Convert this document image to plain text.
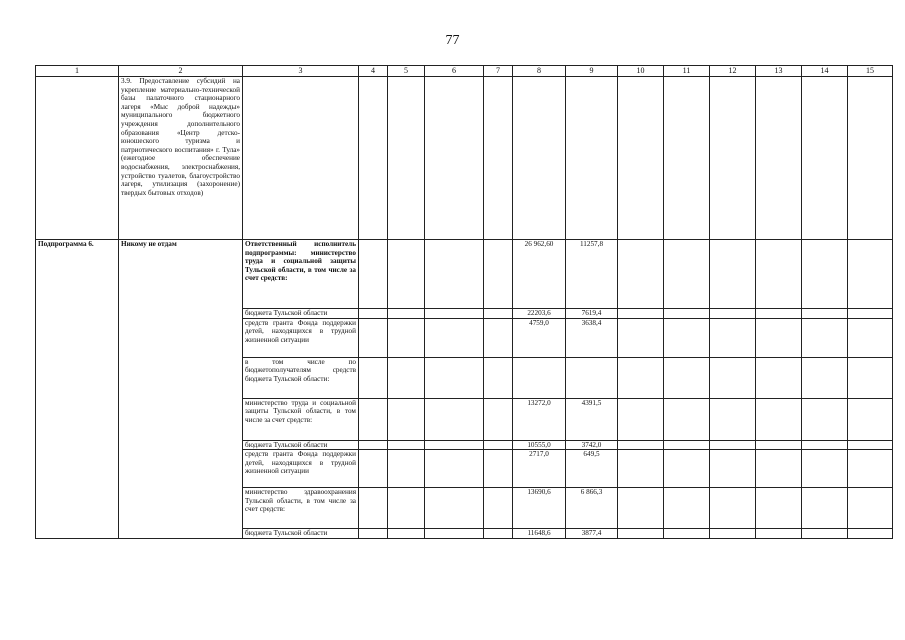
77
1	2	3	4	5	6	7	8	9	10	11	12	13	14	15
	3.9. Предоставление субсидий на укрепление материально-технической базы палаточного стационарного лагеря «Мыс доброй надежды» муниципального бюджетного учреждения дополнительного образования «Центр детско-юношеского туризма и патриотического воспитания» г. Тула» (ежегодное обеспечение водоснабжения, электроснабжения, устройство туалетов, благоустройство лагеря, утилизация (захоронение) твердых бытовых отходов)													
Подпрограмма 6.	Никому не отдам	Ответственный исполнитель подпрограммы: министерство труда и социальной защиты Тульской области, в том числе за счет средств:					26 962,60	11257,8						
		бюджета Тульской области					22203,6	7619,4						
		средств гранта Фонда поддержки детей, находящихся в трудной жизненной ситуации					4759,0	3638,4						
		в том числе по бюджетополучателям средств бюджета Тульской области:												
		министерство труда и социальной защиты Тульской области, в том числе за счет средств:					13272,0	4391,5						
		бюджета Тульской области					10555,0	3742,0						
		средств гранта Фонда поддержки детей, находящихся в трудной жизненной ситуации					2717,0	649,5						
		министерство здравоохранения Тульской области, в том числе за счет средств:					13690,6	6 866,3						
		бюджета Тульской области					11648,6	3877,4						
